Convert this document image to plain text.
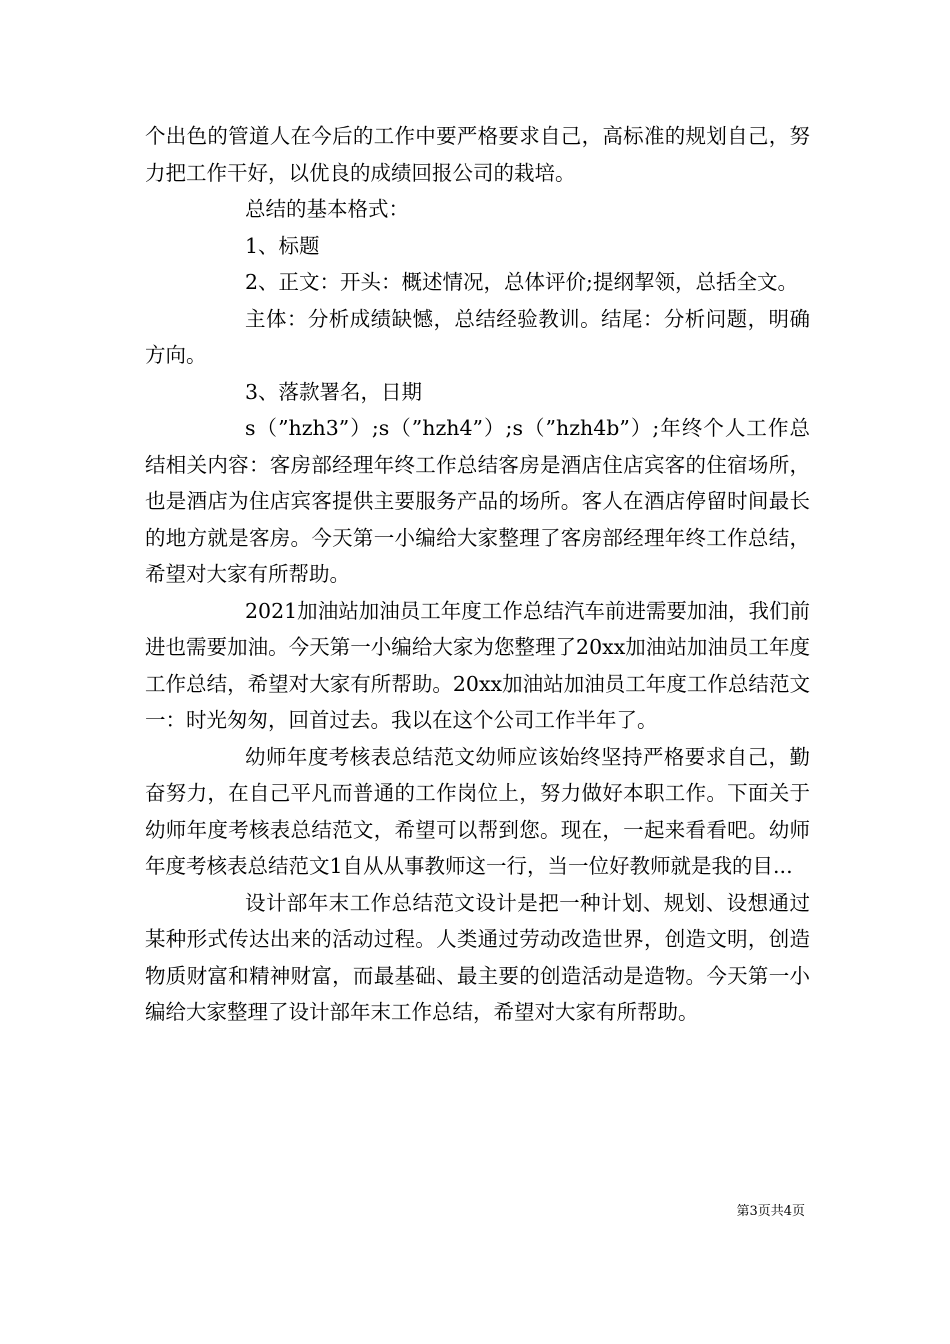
个出色的管道人在今后的工作中要严格要求自己，高标准的规划自己，努力把工作干好，以优良的成绩回报公司的栽培。

总结的基本格式：

1、标题

2、正文：开头：概述情况，总体评价;提纲挈领，总括全文。

主体：分析成绩缺憾，总结经验教训。结尾：分析问题，明确方向。

3、落款署名，日期

s（”hzh3”）;s（”hzh4”）;s（”hzh4b”）;年终个人工作总结相关内容：客房部经理年终工作总结客房是酒店住店宾客的住宿场所，也是酒店为住店宾客提供主要服务产品的场所。客人在酒店停留时间最长的地方就是客房。今天第一小编给大家整理了客房部经理年终工作总结，希望对大家有所帮助。

2021加油站加油员工年度工作总结汽车前进需要加油，我们前进也需要加油。今天第一小编给大家为您整理了20xx加油站加油员工年度工作总结，希望对大家有所帮助。20xx加油站加油员工年度工作总结范文一：时光匆匆，回首过去。我以在这个公司工作半年了。

幼师年度考核表总结范文幼师应该始终坚持严格要求自己，勤奋努力，在自己平凡而普通的工作岗位上，努力做好本职工作。下面关于幼师年度考核表总结范文，希望可以帮到您。现在，一起来看看吧。幼师年度考核表总结范文1自从从事教师这一行，当一位好教师就是我的目...

设计部年末工作总结范文设计是把一种计划、规划、设想通过某种形式传达出来的活动过程。人类通过劳动改造世界，创造文明，创造物质财富和精神财富，而最基础、最主要的创造活动是造物。今天第一小编给大家整理了设计部年末工作总结，希望对大家有所帮助。

第3页共4页
